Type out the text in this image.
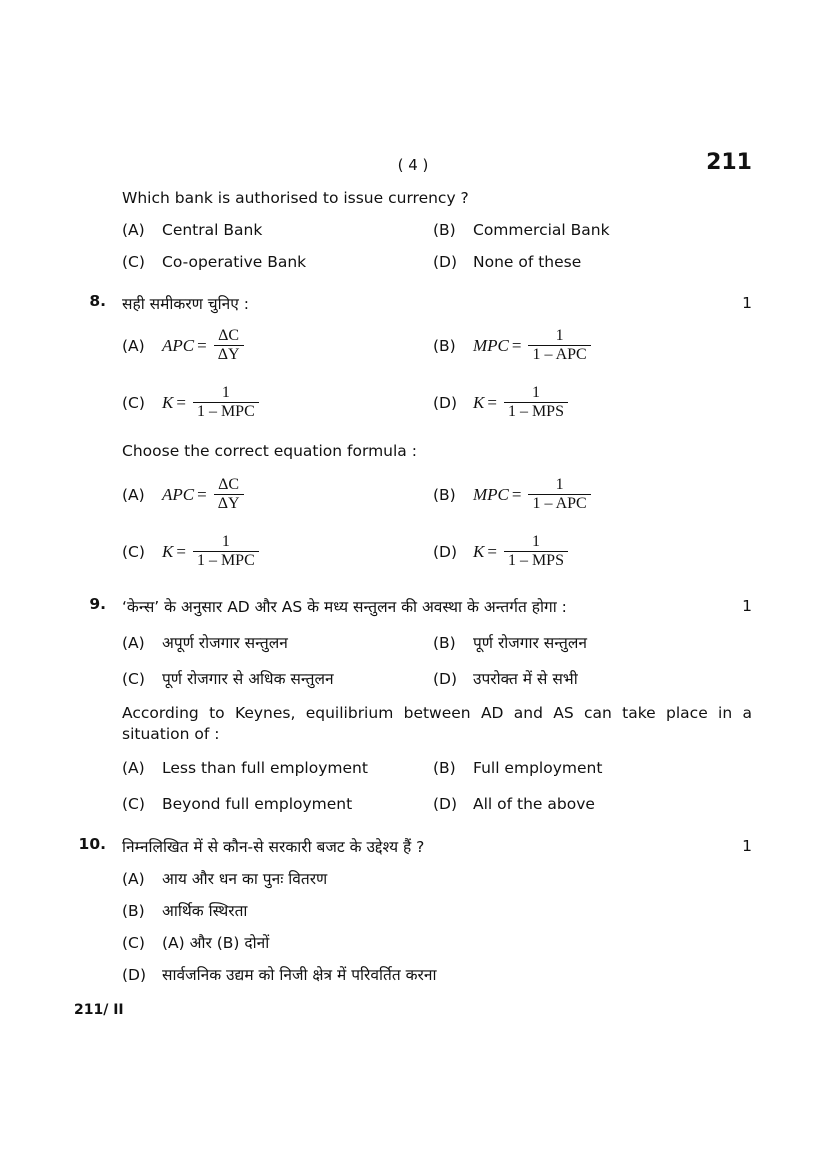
( 4 )	211
Which bank is authorised to issue currency ?
(A) Central Bank	(B) Commercial Bank
(C) Co-operative Bank	(D) None of these
8. सही समीकरण चुनिए :	1
(A)	APC = $\frac{\Delta C}{\Delta Y}$	(B)	MPC = $\frac{1}{\text{1 – APC}}$
(C)	$K = \frac{1}{\text{1 – MPC}}$	(D) $K = \frac{1}{\text{1 – MPS}}$
Choose the correct equation formula :
(A)	APC = $\frac{\Delta C}{\Delta Y}$	(B)	MPC = $\frac{1}{\text{1 – APC}}$
(C)	$K = \frac{1}{\text{1 – MPC}}$	(D) $K = \frac{1}{\text{1 – MPS}}$
9. ‘केन्स’ के अनुसार AD और AS के मध्य सन्तुलन की अवस्था के अन्तर्गत होगा :	1
(A) अपूर्ण रोजगार सन्तुलन	(B) पूर्ण रोजगार सन्तुलन
(C) पूर्ण रोजगार से अधिक सन्तुलन	(D) उपरोक्त में से सभी
According to Keynes, equilibrium between AD and AS can take place in a situation of :
(A) Less than full employment	(B) Full employment
(C) Beyond full employment	(D) All of the above
10. निम्नलिखित में से कौन-से सरकारी बजट के उद्देश्य हैं ?	1
(A) आय और धन का पुनः वितरण
(B) आर्थिक स्थिरता
(C) (A) और (B) दोनों
(D) सार्वजनिक उद्यम को निजी क्षेत्र में परिवर्तित करना
211/ II
